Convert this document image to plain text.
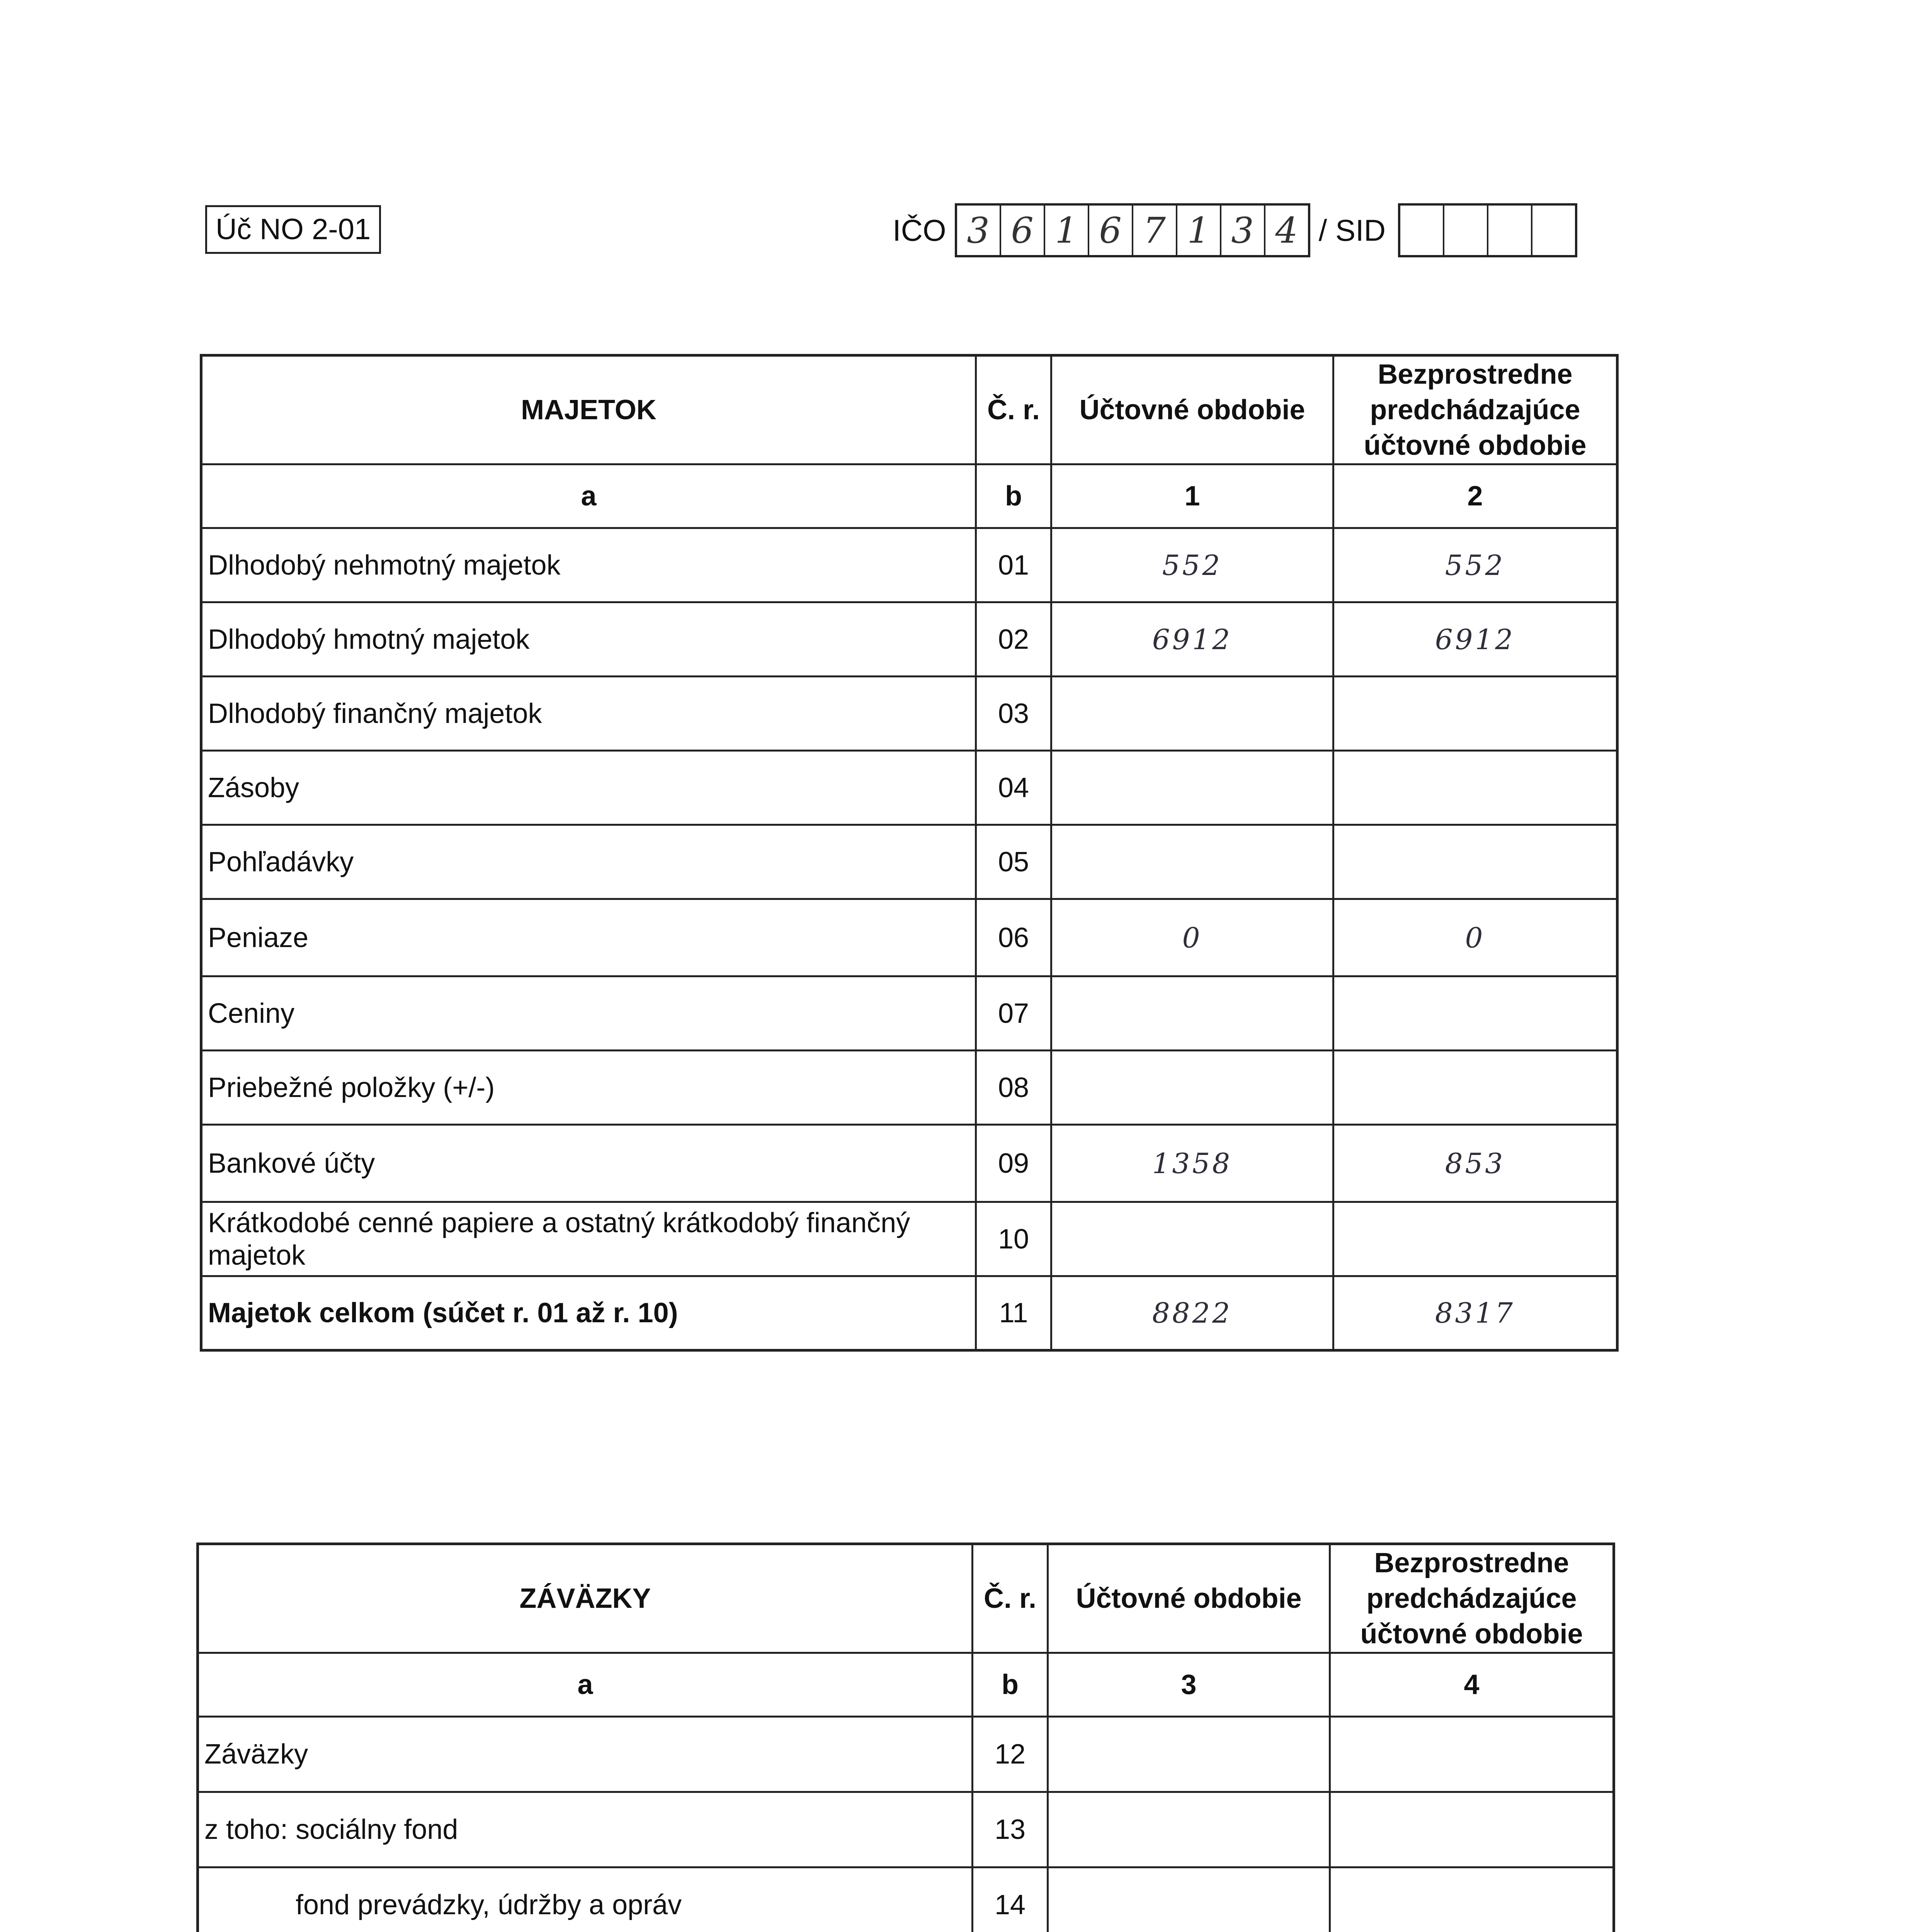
Úč NO 2-01	IČO 3 6 1 6 7 1 3 4 / SID
MAJETOK	Č. r.	Účtovné obdobie	Bezprostredne predchádzajúce účtovné obdobie
a	b	1	2
Dlhodobý nehmotný majetok	01	552	552
Dlhodobý hmotný majetok	02	6912	6912
Dlhodobý finančný majetok	03		
Zásoby	04		
Pohľadávky	05		
Peniaze	06	0	0
Ceniny	07		
Priebežné položky (+/-)	08		
Bankové účty	09	1358	853
Krátkodobé cenné papiere a ostatný krátkodobý finančný majetok	10		
Majetok celkom (súčet r. 01 až r. 10)	11	8822	8317
ZÁVÄZKY	Č. r.	Účtovné obdobie	Bezprostredne predchádzajúce účtovné obdobie
a	b	3	4
Záväzky	12		
z toho: sociálny fond	13		
fond prevádzky, údržby a opráv	14		
